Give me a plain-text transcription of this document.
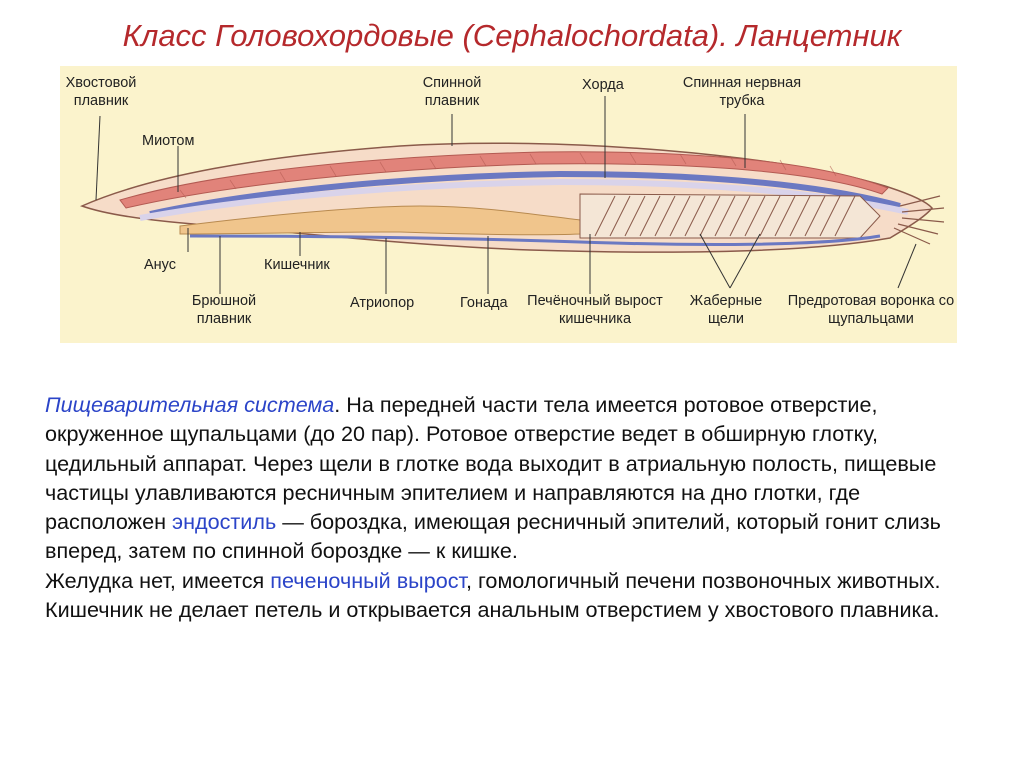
Класс Головохордовые (Cephalochordata). Ланцетник
Хвостовой плавник
Миотом
Спинной плавник
Хорда	Спинная нервная трубка
Анус	Кишечник
Брюшной плавник
Атриопор	Гонада	Печёночный вырост кишечника
Жаберные щели
Предротовая воронка со щупальцами

Пищеварительная система. На передней части тела имеется ротовое отверстие, окруженное щупальцами (до 20 пар). Ротовое отверстие ведет в обширную глотку, цедильный аппарат. Через щели в глотке вода выходит в атриальную полость, пищевые частицы улавливаются ресничным эпителием и направляются на дно глотки, где расположен эндостиль — бороздка, имеющая ресничный эпителий, который гонит слизь вперед, затем по спинной бороздке — к кишке.

Желудка нет, имеется печеночный вырост, гомологичный печени позвоночных животных. Кишечник не делает петель и открывается анальным отверстием у хвостового плавника.
